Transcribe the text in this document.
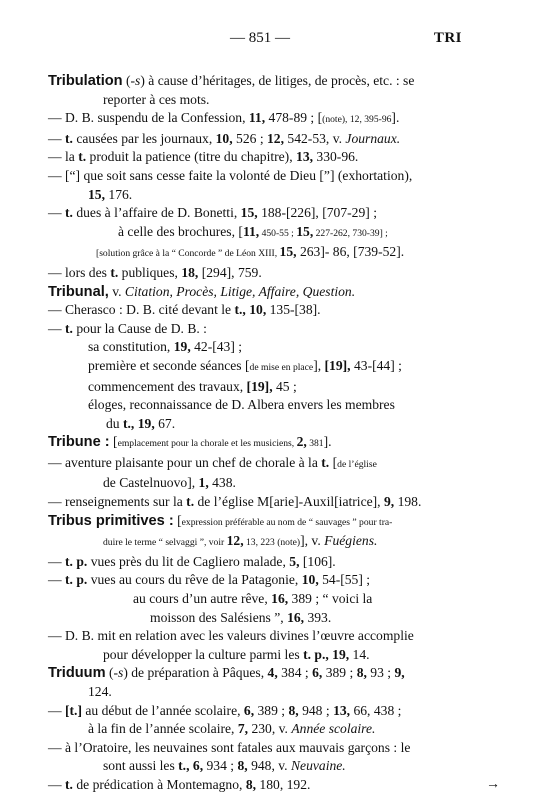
— 851 —	TRI
Tribulation (-s) à cause d’héritages, de litiges, de procès, etc. : se
reporter à ces mots.
— D. B. suspendu de la Confession, 11, 478-89 ; [(note), 12, 395-96].
— t. causées par les journaux, 10, 526 ; 12, 542-53, v. Journaux.
— la t. produit la patience (titre du chapitre), 13, 330-96.
— [“] que soit sans cesse faite la volonté de Dieu [”] (exhortation),
15, 176.
— t. dues à l’affaire de D. Bonetti, 15, 188-[226], [707-29] ;
à celle des brochures, [11, 450-55 ; 15, 227-262, 730-39] ;
[solution grâce à la “ Concorde ” de Léon XIII, 15, 263]- 86, [739-52].
— lors des t. publiques, 18, [294], 759.
Tribunal, v. Citation, Procès, Litige, Affaire, Question.
— Cherasco : D. B. cité devant le t., 10, 135-[38].
— t. pour la Cause de D. B. :
sa constitution, 19, 42-[43] ;
première et seconde séances [de mise en place], [19], 43-[44] ;
commencement des travaux, [19], 45 ;
éloges, reconnaissance de D. Albera envers les membres
du t., 19, 67.
Tribune : [emplacement pour la chorale et les musiciens, 2, 381].
— aventure plaisante pour un chef de chorale à la t. [de l’église
de Castelnuovo], 1, 438.
— renseignements sur la t. de l’église M[arie]-Auxil[iatrice], 9, 198.
Tribus primitives : [expression préférable au nom de “ sauvages ” pour tra-
duire le terme “ selvaggi ”, voir 12, 13, 223 (note)], v. Fuégiens.
— t. p. vues près du lit de Cagliero malade, 5, [106].
— t. p. vues au cours du rêve de la Patagonie, 10, 54-[55] ;
au cours d’un autre rêve, 16, 389 ; “ voici la
moisson des Salésiens ”, 16, 393.
— D. B. mit en relation avec les valeurs divines l’œuvre accomplie
pour développer la culture parmi les t. p., 19, 14.
Triduum (-s) de préparation à Pâques, 4, 384 ; 6, 389 ; 8, 93 ; 9,
124.
— [t.] au début de l’année scolaire, 6, 389 ; 8, 948 ; 13, 66, 438 ;
à la fin de l’année scolaire, 7, 230, v. Année scolaire.
— à l’Oratoire, les neuvaines sont fatales aux mauvais garçons : le
sont aussi les t., 6, 934 ; 8, 948, v. Neuvaine.
— t. de prédication à Montemagno, 8, 180, 192.	→
